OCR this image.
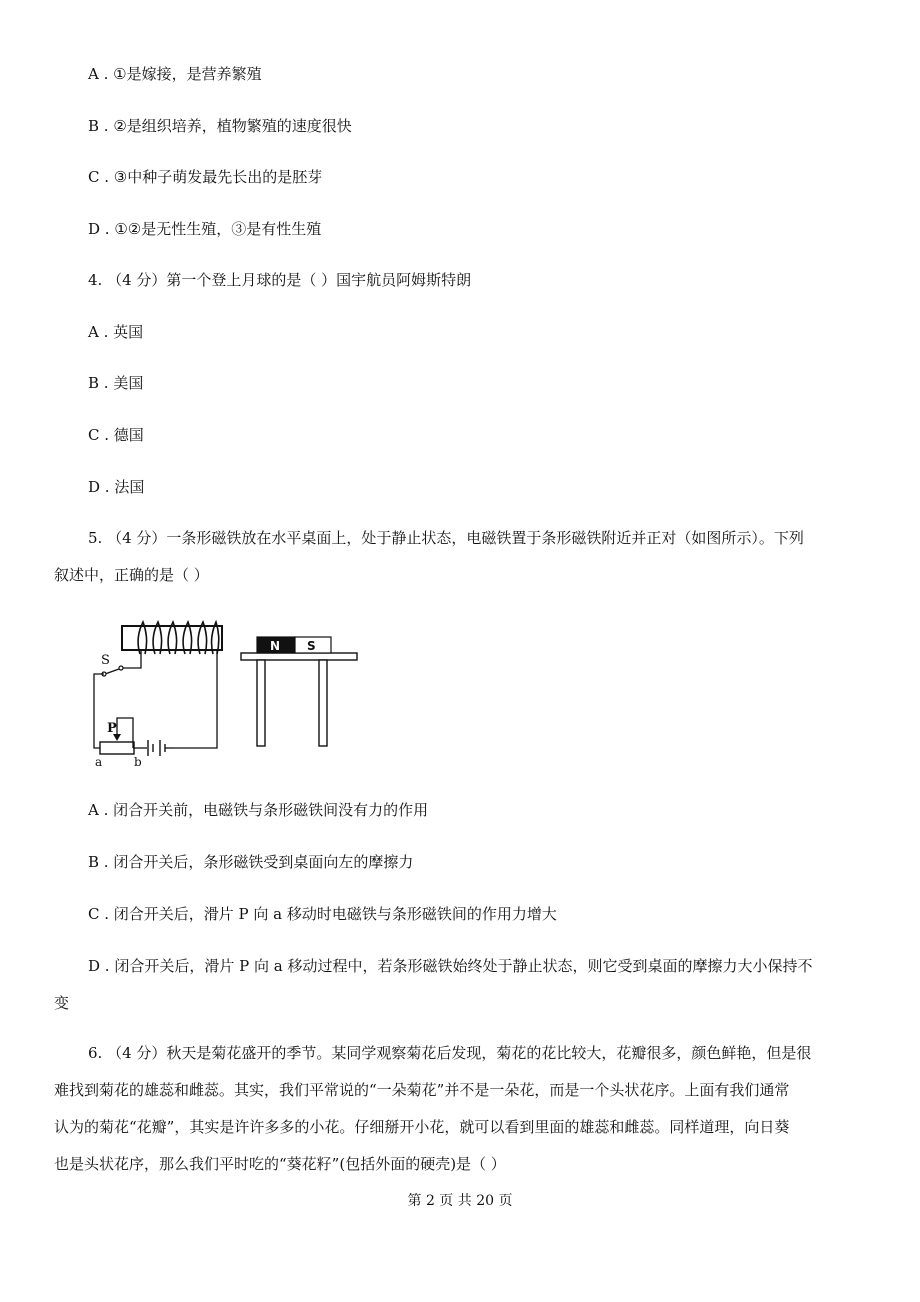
A . ①是嫁接，是营养繁殖
B . ②是组织培养，植物繁殖的速度很快
C . ③中种子萌发最先长出的是胚芽
D . ①②是无性生殖，③是有性生殖
4. （4 分）第一个登上月球的是（ ）国宇航员阿姆斯特朗
A . 英国
B . 美国
C . 德国
D . 法国
5. （4 分）一条形磁铁放在水平桌面上，处于静止状态，电磁铁置于条形磁铁附近并正对（如图所示）。下列
叙述中，正确的是（ ）
S
P
a	b
N S
A . 闭合开关前，电磁铁与条形磁铁间没有力的作用
B . 闭合开关后，条形磁铁受到桌面向左的摩擦力
C . 闭合开关后，滑片 P 向 a 移动时电磁铁与条形磁铁间的作用力增大
D . 闭合开关后，滑片 P 向 a 移动过程中，若条形磁铁始终处于静止状态，则它受到桌面的摩擦力大小保持不
变
6. （4 分）秋天是菊花盛开的季节。某同学观察菊花后发现，菊花的花比较大，花瓣很多，颜色鲜艳，但是很
难找到菊花的雄蕊和雌蕊。其实，我们平常说的“一朵菊花”并不是一朵花，而是一个头状花序。上面有我们通常
认为的菊花“花瓣”，其实是许许多多的小花。仔细掰开小花，就可以看到里面的雄蕊和雌蕊。同样道理，向日葵
也是头状花序，那么我们平时吃的“葵花籽”(包括外面的硬壳)是（ ）
第 2 页 共 20 页
